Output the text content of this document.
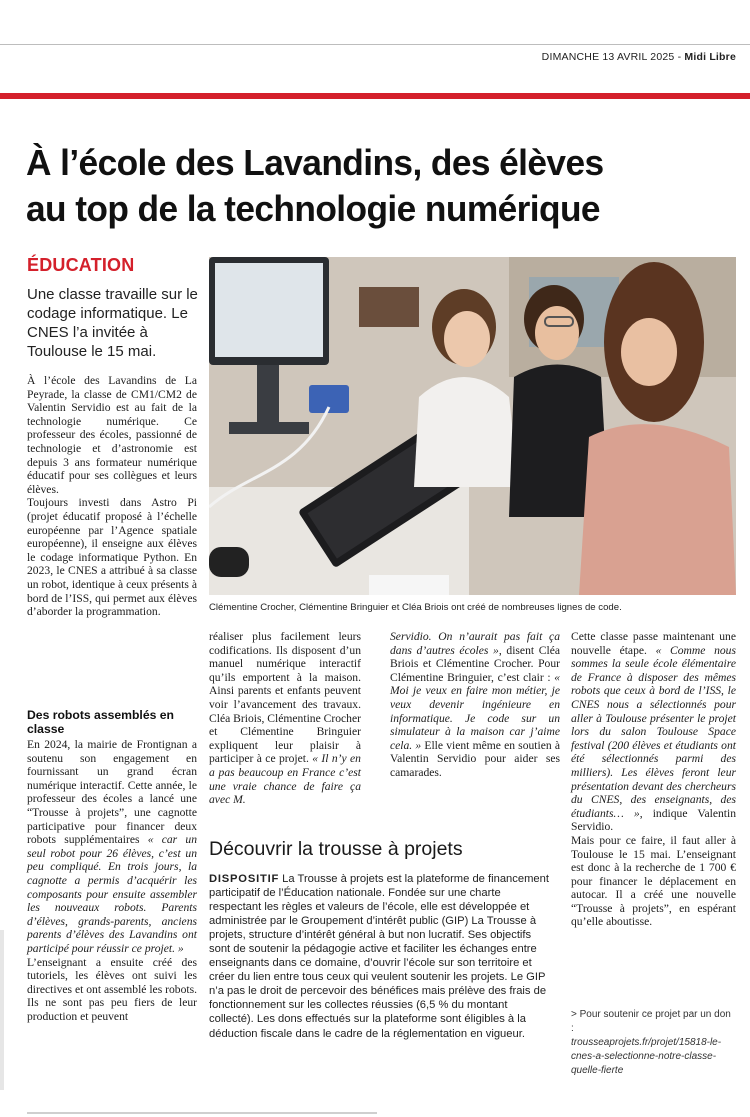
DIMANCHE 13 AVRIL 2025 - Midi Libre
À l’école des Lavandins, des élèves
au top de la technologie numérique
ÉDUCATION
Une classe travaille sur le codage informatique. Le CNES l’a invitée à Toulouse le 15 mai.
Clémentine Crocher, Clémentine Bringuier et Cléa Briois ont créé de nombreuses lignes de code.

À l’école des Lavandins de La Peyrade, la classe de CM1/CM2 de Valentin Servidio est au fait de la technologie numérique. Ce professeur des écoles, passionné de technologie et d’astronomie est depuis 3 ans formateur numérique éducatif pour ses collègues et leurs élèves.

Toujours investi dans Astro Pi (projet éducatif proposé à l’échelle européenne par l’Agence spatiale européenne), il enseigne aux élèves le codage informatique Python. En 2023, le CNES a attribué à sa classe un robot, identique à ceux présents à bord de l’ISS, qui permet aux élèves d’aborder la programmation.

Des robots assemblés en classe

En 2024, la mairie de Frontignan a soutenu son engagement en fournissant un grand écran numérique interactif. Cette année, le professeur des écoles a lancé une “Trousse à projets”, une cagnotte participative pour financer deux robots supplémentaires « car un seul robot pour 26 élèves, c’est un peu compliqué. En trois jours, la cagnotte a permis d’acquérir les composants pour ensuite assembler les nouveaux robots. Parents d’élèves, grands-parents, anciens parents d’élèves des Lavandins ont participé pour réussir ce projet. »

L’enseignant a ensuite créé des tutoriels, les élèves ont suivi les directives et ont assemblé les robots. Ils ne sont pas peu fiers de leur production et peuvent

réaliser plus facilement leurs codifications. Ils disposent d’un manuel numérique interactif qu’ils emportent à la maison. Ainsi parents et enfants peuvent voir l’avancement des travaux. Cléa Briois, Clémentine Crocher et Clémentine Bringuier expliquent leur plaisir à participer à ce projet. « Il n’y en a pas beaucoup en France c’est une vraie chance de faire ça avec M.

Servidio. On n’aurait pas fait ça dans d’autres écoles », disent Cléa Briois et Clémentine Crocher. Pour Clémentine Bringuier, c’est clair : « Moi je veux en faire mon métier, je veux devenir ingénieure en informatique. Je code sur un simulateur à la maison car j’aime cela. » Elle vient même en soutien à Valentin Servidio pour aider ses camarades.

Cette classe passe maintenant une nouvelle étape. « Comme nous sommes la seule école élémentaire de France à disposer des mêmes robots que ceux à bord de l’ISS, le CNES nous a sélectionnés pour aller à Toulouse présenter le projet lors du salon Toulouse Space festival (200 élèves et étudiants ont été sélectionnés parmi des milliers). Les élèves feront leur présentation devant des chercheurs du CNES, des enseignants, des étudiants… », indique Valentin Servidio.

Mais pour ce faire, il faut aller à Toulouse le 15 mai. L’enseignant est donc à la recherche de 1 700 € pour financer le déplacement en autocar. Il a créé une nouvelle “Trousse à projets”, en espérant qu’elle aboutisse.

Découvrir la trousse à projets
DISPOSITIF La Trousse à projets est la plateforme de financement participatif de l’Éducation nationale. Fondée sur une charte respectant les règles et valeurs de l’école, elle est développée et administrée par le Groupement d’intérêt public (GIP) La Trousse à projets, structure d’intérêt général à but non lucratif. Ses objectifs sont de soutenir la pédagogie active et faciliter les échanges entre enseignants dans ce domaine, d’ouvrir l’école sur son territoire et créer du lien entre tous ceux qui veulent soutenir les projets. Le GIP n’a pas le droit de percevoir des bénéfices mais prélève des frais de fonctionnement sur les collectes réussies (6,5 % du montant collecté). Les dons effectués sur la plateforme sont éligibles à la déduction fiscale dans le cadre de la réglementation en vigueur.
> Pour soutenir ce projet par un don :
trousseaprojets.fr/projet/15818-le-cnes-a-selectionne-notre-classe-quelle-fierte
